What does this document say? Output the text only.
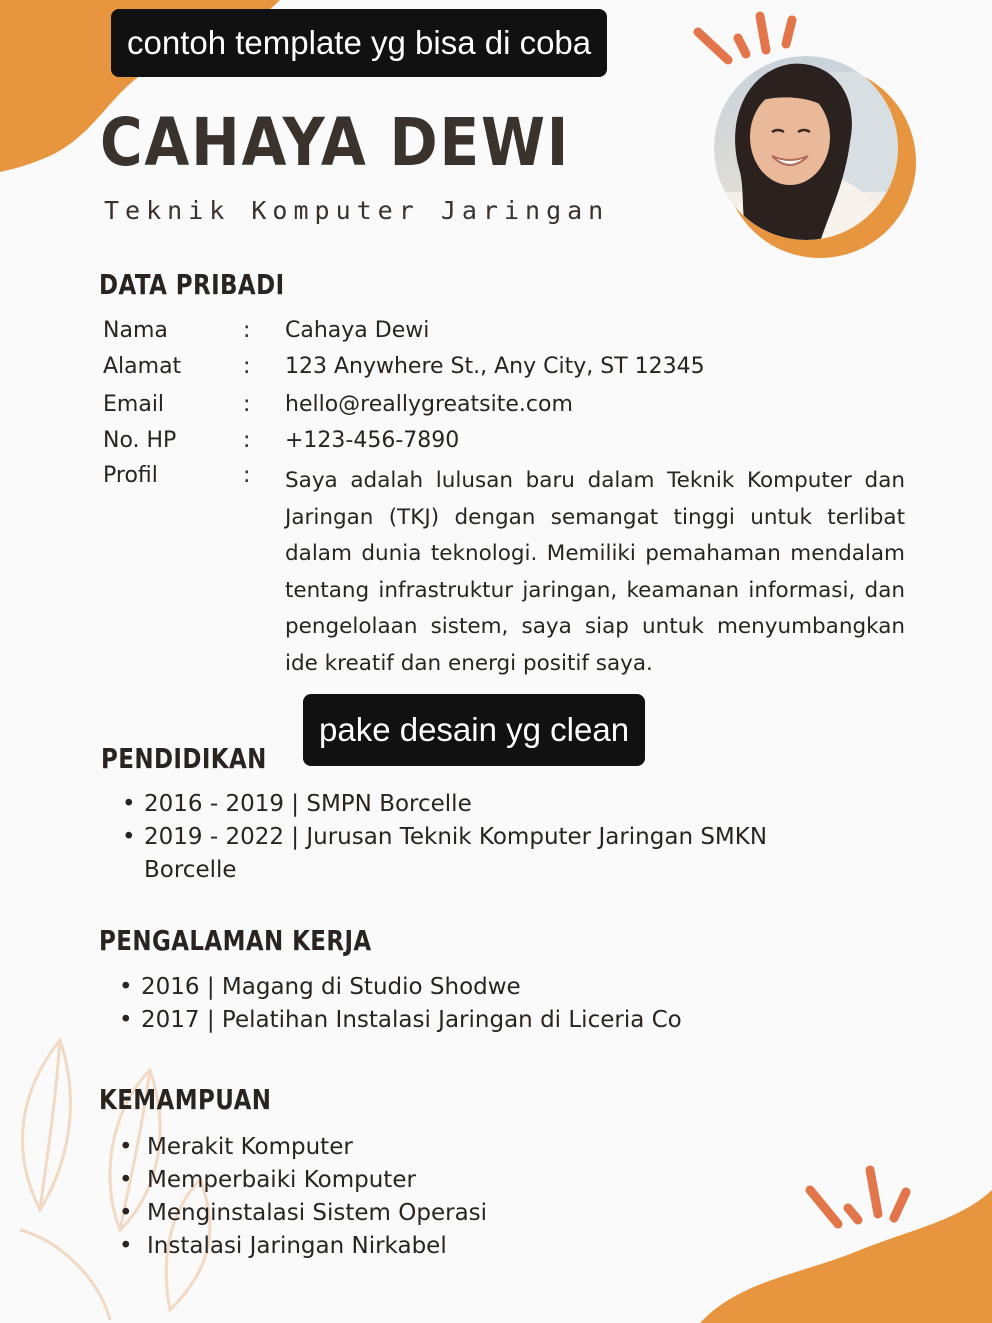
contoh template yg bisa di coba
CAHAYA DEWI
Teknik Komputer Jaringan
DATA PRIBADI
Nama	:	Cahaya Dewi
Alamat	:	123 Anywhere St., Any City, ST 12345
Email	:	hello@reallygreatsite.com
No. HP	:	+123-456-7890
Profil	:	Saya adalah lulusan baru dalam Teknik Komputer dan Jaringan (TKJ) dengan semangat tinggi untuk terlibat dalam dunia teknologi. Memiliki pemahaman mendalam tentang infrastruktur jaringan, keamanan informasi, dan pengelolaan sistem, saya siap untuk menyumbangkan ide kreatif dan energi positif saya.
pake desain yg clean
PENDIDIKAN
• 2016 - 2019 | SMPN Borcelle
• 2019 - 2022 | Jurusan Teknik Komputer Jaringan SMKN Borcelle
PENGALAMAN KERJA
• 2016 | Magang di Studio Shodwe
• 2017 | Pelatihan Instalasi Jaringan di Liceria Co
KEMAMPUAN
• Merakit Komputer
• Memperbaiki Komputer
• Menginstalasi Sistem Operasi
• Instalasi Jaringan Nirkabel
